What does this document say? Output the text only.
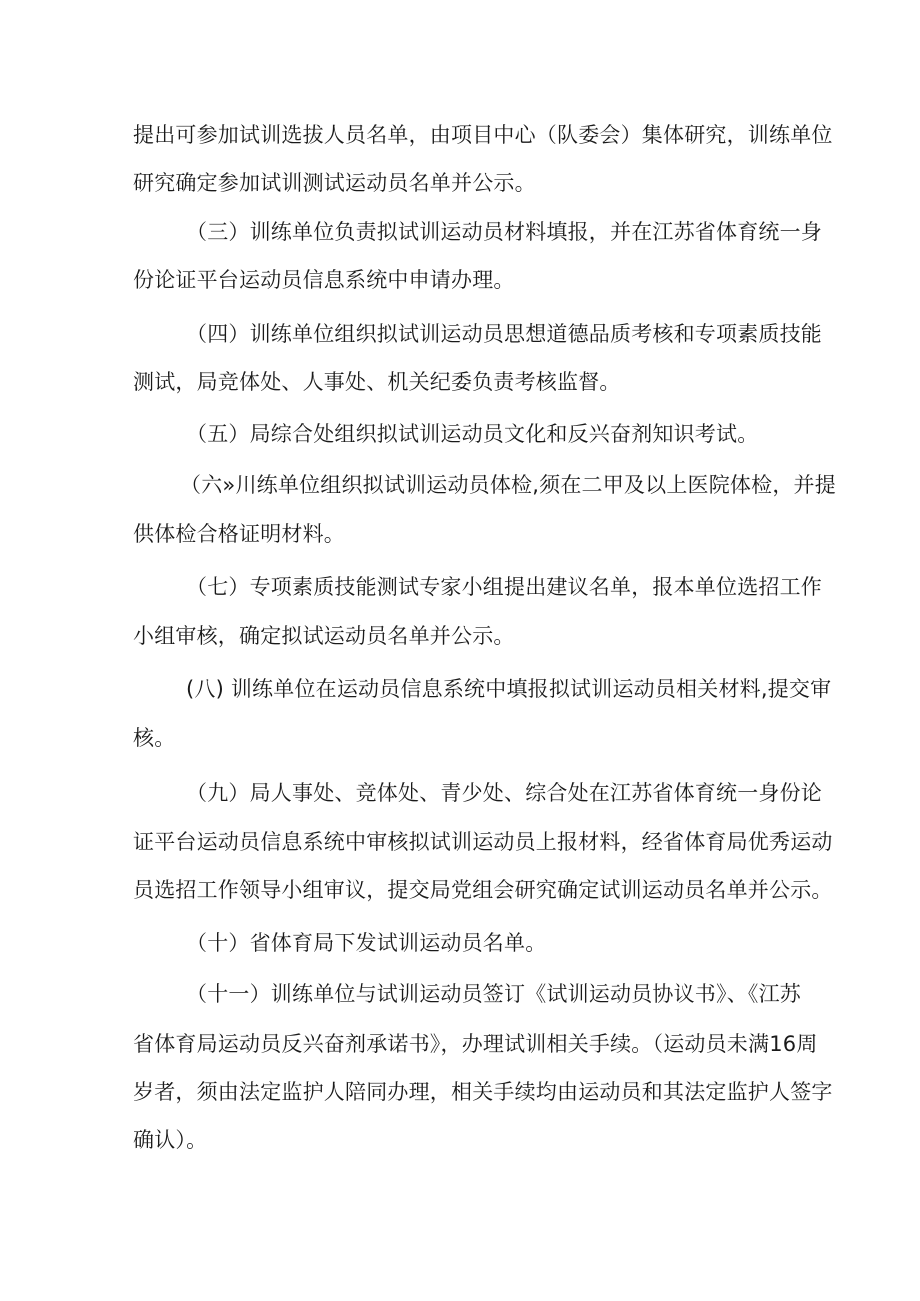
提出可参加试训选拔人员名单，由项目中心（队委会）集体研究，训练单位
研究确定参加试训测试运动员名单并公示。
（三）训练单位负责拟试训运动员材料填报，并在江苏省体育统一身
份论证平台运动员信息系统中申请办理。
（四）训练单位组织拟试训运动员思想道德品质考核和专项素质技能
测试，局竞体处、人事处、机关纪委负责考核监督。
（五）局综合处组织拟试训运动员文化和反兴奋剂知识考试。
（六»川练单位组织拟试训运动员体检,须在二甲及以上医院体检，并提
供体检合格证明材料。
（七）专项素质技能测试专家小组提出建议名单，报本单位选招工作
小组审核，确定拟试运动员名单并公示。
(八) 训练单位在运动员信息系统中填报拟试训运动员相关材料,提交审
核。
（九）局人事处、竞体处、青少处、综合处在江苏省体育统一身份论
证平台运动员信息系统中审核拟试训运动员上报材料，经省体育局优秀运动
员选招工作领导小组审议，提交局党组会研究确定试训运动员名单并公示。
（十）省体育局下发试训运动员名单。
（十一）训练单位与试训运动员签订《试训运动员协议书》、《江苏
省体育局运动员反兴奋剂承诺书》，办理试训相关手续。（运动员未满16周
岁者，须由法定监护人陪同办理，相关手续均由运动员和其法定监护人签字
确认）。
